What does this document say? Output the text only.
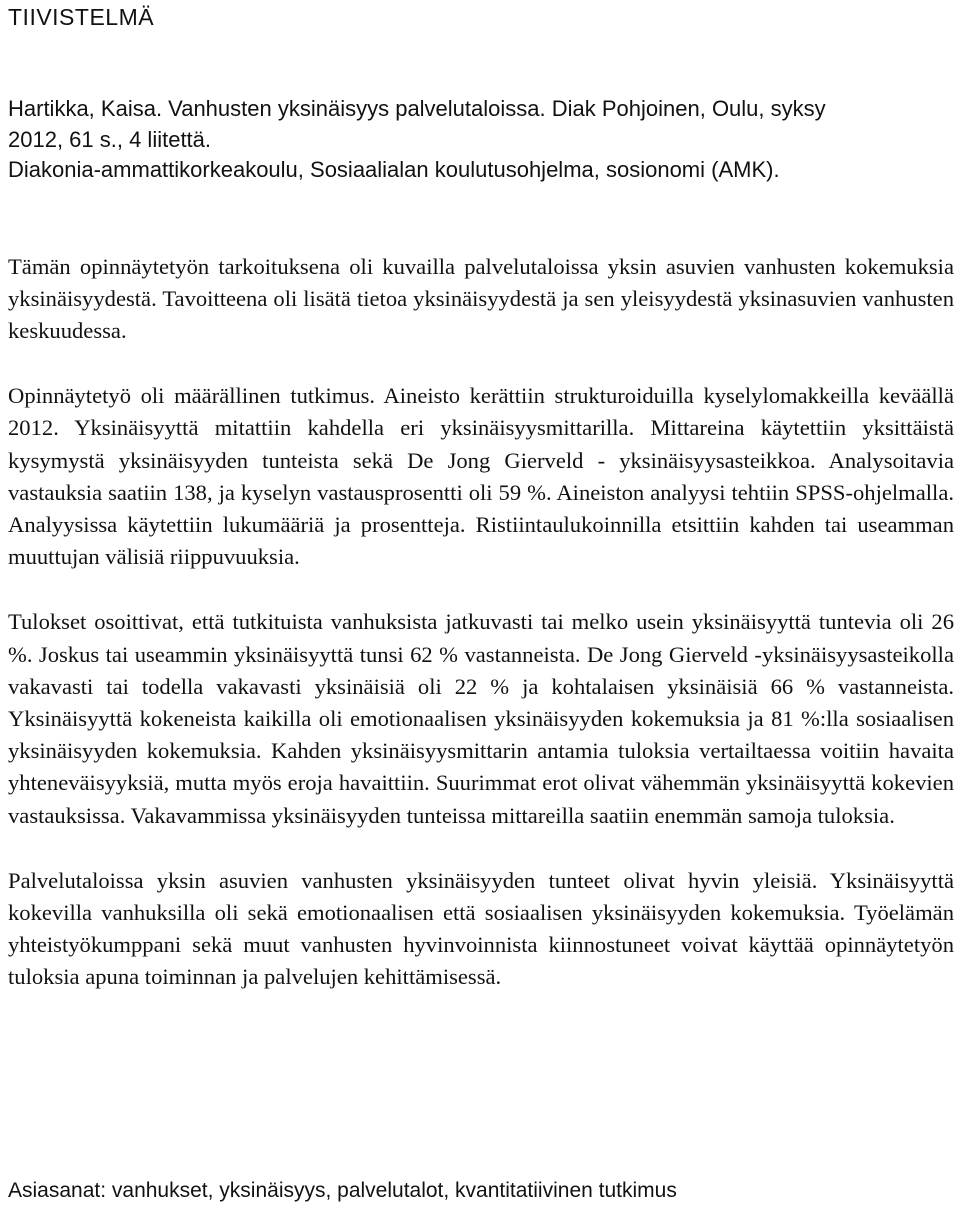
TIIVISTELMÄ
Hartikka, Kaisa. Vanhusten yksinäisyys palvelutaloissa. Diak Pohjoinen, Oulu, syksy
2012, 61 s., 4 liitettä.
Diakonia-ammattikorkeakoulu, Sosiaalialan koulutusohjelma, sosionomi (AMK).

Tämän opinnäytetyön tarkoituksena oli kuvailla palvelutaloissa yksin asuvien vanhusten kokemuksia yksinäisyydestä. Tavoitteena oli lisätä tietoa yksinäisyydestä ja sen yleisyydestä yksinasuvien vanhusten keskuudessa.

Opinnäytetyö oli määrällinen tutkimus. Aineisto kerättiin strukturoiduilla kyselylomakkeilla keväällä 2012. Yksinäisyyttä mitattiin kahdella eri yksinäisyysmittarilla. Mittareina käytettiin yksittäistä kysymystä yksinäisyyden tunteista sekä De Jong Gierveld - yksinäisyysasteikkoa. Analysoitavia vastauksia saatiin 138, ja kyselyn vastausprosentti oli 59 %. Aineiston analyysi tehtiin SPSS-ohjelmalla. Analyysissa käytettiin lukumääriä ja prosentteja. Ristiintaulukoinnilla etsittiin kahden tai useamman muuttujan välisiä riippuvuuksia.

Tulokset osoittivat, että tutkituista vanhuksista jatkuvasti tai melko usein yksinäisyyttä tuntevia oli 26 %. Joskus tai useammin yksinäisyyttä tunsi 62 % vastanneista. De Jong Gierveld -yksinäisyysasteikolla vakavasti tai todella vakavasti yksinäisiä oli 22 % ja kohtalaisen yksinäisiä 66 % vastanneista. Yksinäisyyttä kokeneista kaikilla oli emotionaalisen yksinäisyyden kokemuksia ja 81 %:lla sosiaalisen yksinäisyyden kokemuksia. Kahden yksinäisyysmittarin antamia tuloksia vertailtaessa voitiin havaita yhteneväisyyksiä, mutta myös eroja havaittiin. Suurimmat erot olivat vähemmän yksinäisyyttä kokevien vastauksissa. Vakavammissa yksinäisyyden tunteissa mittareilla saatiin enemmän samoja tuloksia.

Palvelutaloissa yksin asuvien vanhusten yksinäisyyden tunteet olivat hyvin yleisiä. Yksinäisyyttä kokevilla vanhuksilla oli sekä emotionaalisen että sosiaalisen yksinäisyyden kokemuksia. Työelämän yhteistyökumppani sekä muut vanhusten hyvinvoinnista kiinnostuneet voivat käyttää opinnäytetyön tuloksia apuna toiminnan ja palvelujen kehittämisessä.

Asiasanat: vanhukset, yksinäisyys, palvelutalot, kvantitatiivinen tutkimus
